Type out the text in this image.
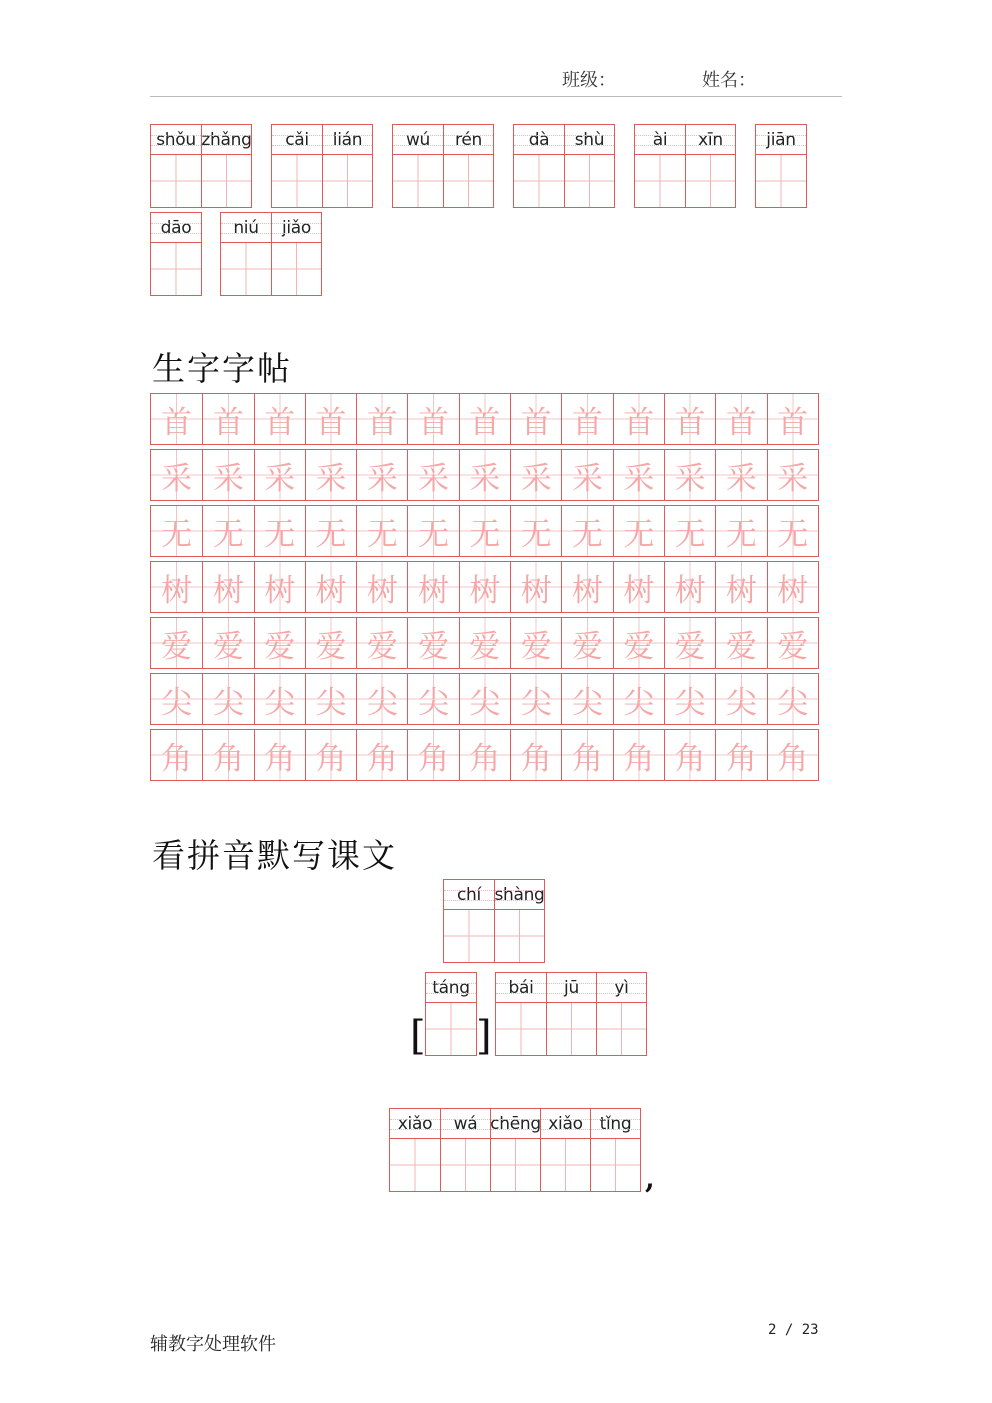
班级：	姓名：
shǒu zhǎng	cǎi	lián	wú	rén	dà	shù	ài	xīn	jiān
dāo	niú	jiǎo
生字字帖
首 首 首 首 首 首 首 首 首 首 首 首 首
采 采 采 采 采 采 采 采 采 采 采 采 采
无 无 无 无 无 无 无 无 无 无 无 无 无
树 树 树 树 树 树 树 树 树 树 树 树 树
爱 爱 爱 爱 爱 爱 爱 爱 爱 爱 爱 爱 爱
尖 尖 尖 尖 尖 尖 尖 尖 尖 尖 尖 尖 尖
角 角 角 角 角 角 角 角 角 角 角 角 角
看拼音默写课文
chí shàng
[
táng
]
bái	jū	yì
xiǎo	wá chēng xiǎo tǐng
,
辅教字处理软件
2 / 23
